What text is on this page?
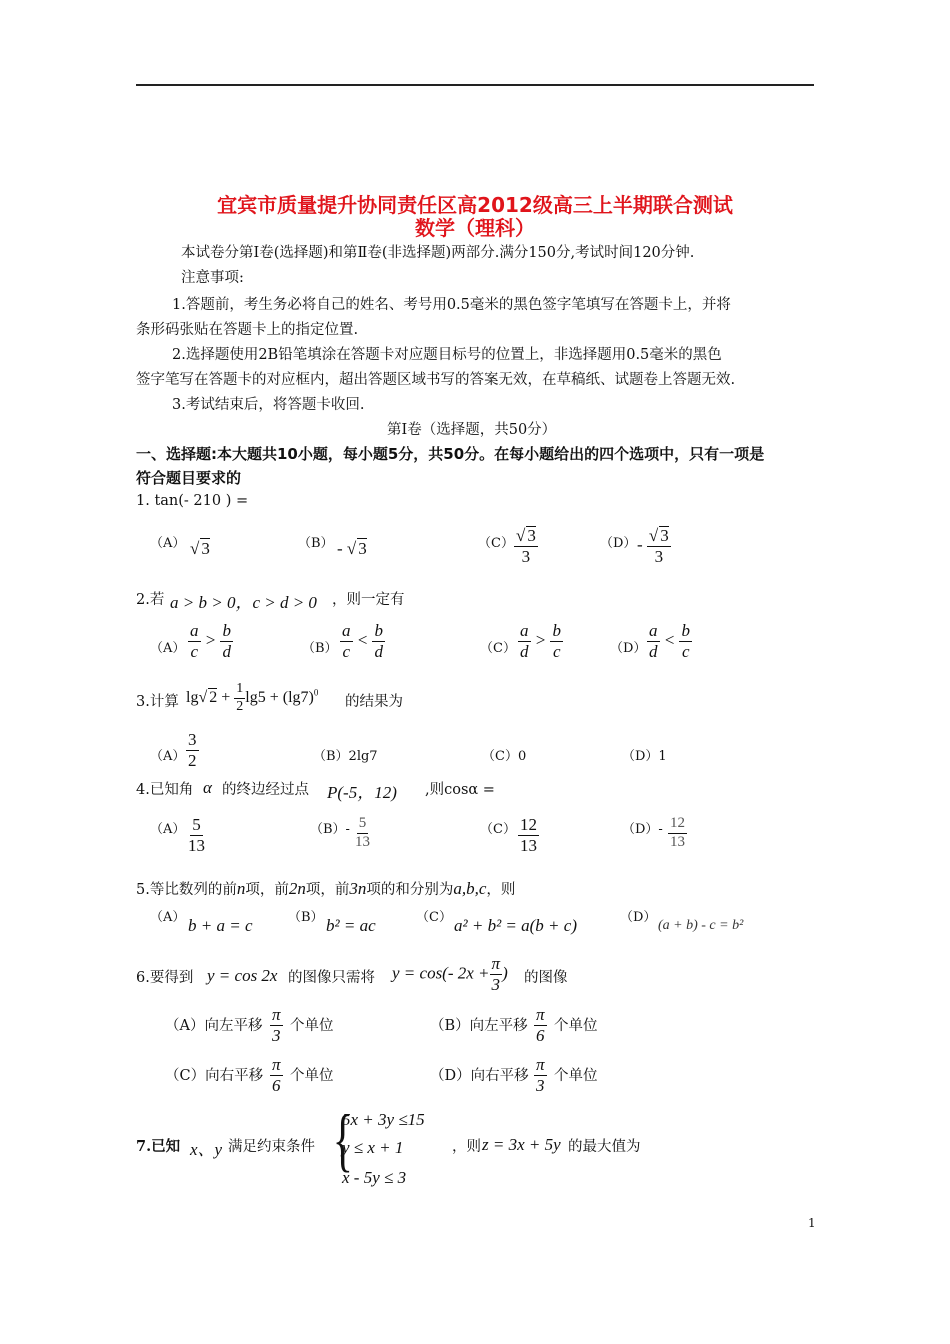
宜宾市质量提升协同责任区高2012级高三上半期联合测试
数学（理科）
本试卷分第Ⅰ卷(选择题)和第Ⅱ卷(非选择题)两部分.满分150分,考试时间120分钟.
注意事项:
1.答题前，考生务必将自己的姓名、考号用0.5毫米的黑色签字笔填写在答题卡上，并将
条形码张贴在答题卡上的指定位置.
2.选择题使用2B铅笔填涂在答题卡对应题目标号的位置上，非选择题用0.5毫米的黑色
签字笔写在答题卡的对应框内，超出答题区域书写的答案无效，在草稿纸、试题卷上答题无效.
3.考试结束后，将答题卡收回.
第Ⅰ卷（选择题，共50分）
一、选择题:本大题共10小题，每小题5分，共50分。在每小题给出的四个选项中，只有一项是
符合题目要求的
1. tan(- 210 ) =
（A） √ 3	（B） - √ 3	$(C) \frac{√ 3}{3}$	$(D) - \frac{√ 3}{3}$
2.若 a > b > 0，c > d > 0 ，则一定有
$(A) \frac{a}{c} > \frac{b}{d}$	$(B) \frac{a}{c} < \frac{b}{d}$	$(C) \frac{a}{d} > \frac{b}{c}$	$(D) \frac{a}{d} < \frac{b}{c}$
3.计算 lg√ $2 + \frac{1}{2} \lg 5 + (\lg 7)^0$
的结果为
$(A) \frac{3}{2}$	（B）2lg7	（C）0	（D）1
4.已知角 α 的终边经过点 P(-5，12) ,则cosα =
$(A) \frac{5}{13}$	$(B)- \frac{5}{13}$	$(C) \frac{12}{13}$	$(D)- \frac{12}{13}$
5.等比数列的前n项，前2n项，前3n项的和分别为a,b,c，则
（A） b + a = c	（B） b² = ac	（C） a² + b² = a(b + c)	（D）
(a + b) - c = b²
6.要得到 y = cos 2x 的图像只需将 y = cos(- $2x + \frac{\pi}{3}$ ) 的图像
（A）向左平移 $\frac{\pi}{3}$ 个单位	（B）向左平移 $\frac{\pi}{6}$ 个单位
（C）向右平移 $\frac{\pi}{6}$ 个单位	（D）向右平移 $\frac{\pi}{3}$ 个单位
7.已知 x、y 满足约束条件 {
5x + 3y ≤15
y ≤ x + 1
x - 5y ≤ 3
，则 z = 3x + 5y 的最大值为
1
